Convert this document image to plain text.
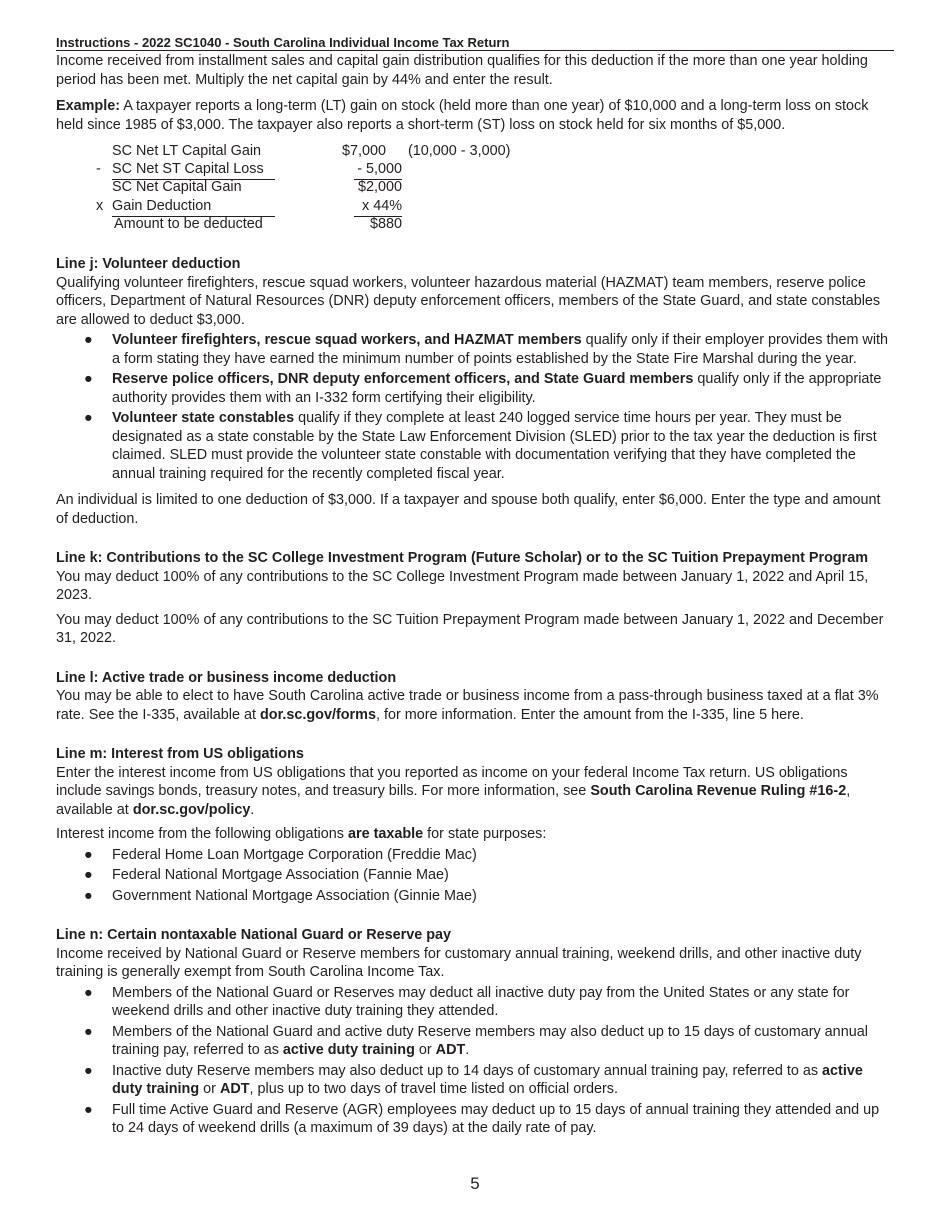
Instructions - 2022 SC1040 - South Carolina Individual Income Tax Return

Income received from installment sales and capital gain distribution qualifies for this deduction if the more than one year holding period has been met. Multiply the net capital gain by 44% and enter the result.

Example: A taxpayer reports a long-term (LT) gain on stock (held more than one year) of $10,000 and a long-term loss on stock held since 1985 of $3,000. The taxpayer also reports a short-term (ST) loss on stock held for six months of $5,000.

SC Net LT Capital Gain	$7,000 (10,000 - 3,000)
- SC Net ST Capital Loss	- 5,000
SC Net Capital Gain	$2,000
x Gain Deduction	x 44%
Amount to be deducted	$880

Line j: Volunteer deduction

Qualifying volunteer firefighters, rescue squad workers, volunteer hazardous material (HAZMAT) team members, reserve police officers, Department of Natural Resources (DNR) deputy enforcement officers, members of the State Guard, and state constables are allowed to deduct $3,000.

● Volunteer firefighters, rescue squad workers, and HAZMAT members qualify only if their employer provides them with a form stating they have earned the minimum number of points established by the State Fire Marshal during the year.
● Reserve police officers, DNR deputy enforcement officers, and State Guard members qualify only if the appropriate authority provides them with an I-332 form certifying their eligibility.
● Volunteer state constables qualify if they complete at least 240 logged service time hours per year. They must be designated as a state constable by the State Law Enforcement Division (SLED) prior to the tax year the deduction is first claimed. SLED must provide the volunteer state constable with documentation verifying that they have completed the annual training required for the recently completed fiscal year.

An individual is limited to one deduction of $3,000. If a taxpayer and spouse both qualify, enter $6,000. Enter the type and amount of deduction.

Line k: Contributions to the SC College Investment Program (Future Scholar) or to the SC Tuition Prepayment Program

You may deduct 100% of any contributions to the SC College Investment Program made between January 1, 2022 and April 15, 2023.

You may deduct 100% of any contributions to the SC Tuition Prepayment Program made between January 1, 2022 and December 31, 2022.

Line l: Active trade or business income deduction

You may be able to elect to have South Carolina active trade or business income from a pass-through business taxed at a flat 3% rate. See the I-335, available at dor.sc.gov/forms, for more information. Enter the amount from the I-335, line 5 here.

Line m: Interest from US obligations

Enter the interest income from US obligations that you reported as income on your federal Income Tax return. US obligations include savings bonds, treasury notes, and treasury bills. For more information, see South Carolina Revenue Ruling #16-2, available at dor.sc.gov/policy.

Interest income from the following obligations are taxable for state purposes:

● Federal Home Loan Mortgage Corporation (Freddie Mac)
● Federal National Mortgage Association (Fannie Mae)
● Government National Mortgage Association (Ginnie Mae)

Line n: Certain nontaxable National Guard or Reserve pay

Income received by National Guard or Reserve members for customary annual training, weekend drills, and other inactive duty training is generally exempt from South Carolina Income Tax.

● Members of the National Guard or Reserves may deduct all inactive duty pay from the United States or any state for weekend drills and other inactive duty training they attended.
● Members of the National Guard and active duty Reserve members may also deduct up to 15 days of customary annual training pay, referred to as active duty training or ADT.
● Inactive duty Reserve members may also deduct up to 14 days of customary annual training pay, referred to as active duty training or ADT, plus up to two days of travel time listed on official orders.
● Full time Active Guard and Reserve (AGR) employees may deduct up to 15 days of annual training they attended and up to 24 days of weekend drills (a maximum of 39 days) at the daily rate of pay.
5
